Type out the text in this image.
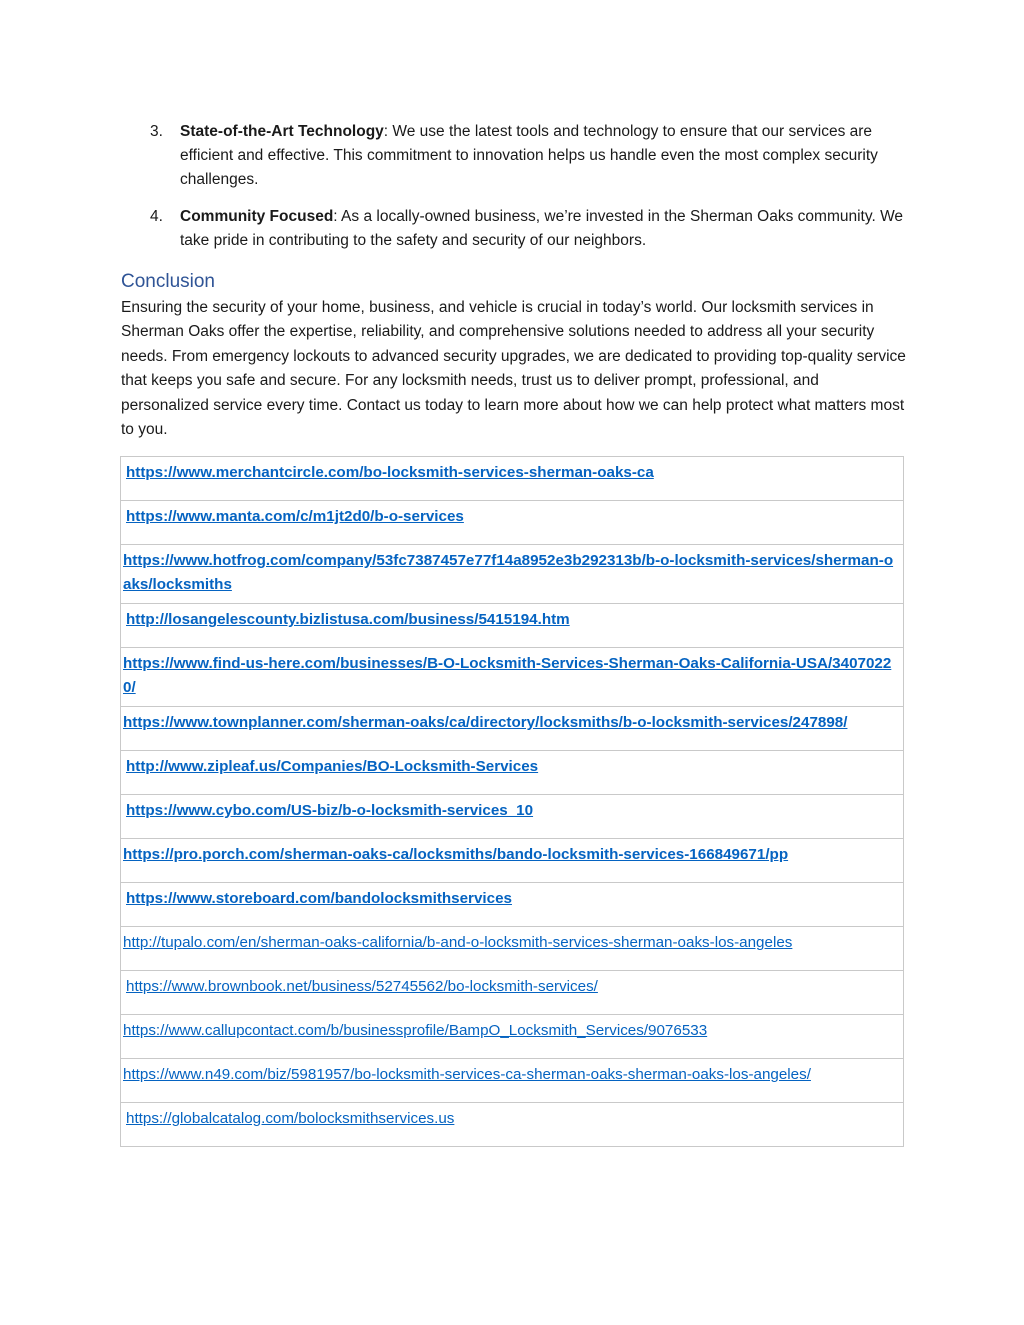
3. State-of-the-Art Technology: We use the latest tools and technology to ensure that our services are efficient and effective. This commitment to innovation helps us handle even the most complex security challenges.
4. Community Focused: As a locally-owned business, we’re invested in the Sherman Oaks community. We take pride in contributing to the safety and security of our neighbors.
Conclusion

Ensuring the security of your home, business, and vehicle is crucial in today’s world. Our locksmith services in Sherman Oaks offer the expertise, reliability, and comprehensive solutions needed to address all your security needs. From emergency lockouts to advanced security upgrades, we are dedicated to providing top-quality service that keeps you safe and secure. For any locksmith needs, trust us to deliver prompt, professional, and personalized service every time. Contact us today to learn more about how we can help protect what matters most to you.

https://www.merchantcircle.com/bo-locksmith-services-sherman-oaks-ca
https://www.manta.com/c/m1jt2d0/b-o-services
https://www.hotfrog.com/company/53fc7387457e77f14a8952e3b292313b/b-o-locksmith-services/sherman-oaks/locksmiths
http://losangelescounty.bizlistusa.com/business/5415194.htm
https://www.find-us-here.com/businesses/B-O-Locksmith-Services-Sherman-Oaks-California-USA/34070220/
https://www.townplanner.com/sherman-oaks/ca/directory/locksmiths/b-o-locksmith-services/247898/
http://www.zipleaf.us/Companies/BO-Locksmith-Services
https://www.cybo.com/US-biz/b-o-locksmith-services_10
https://pro.porch.com/sherman-oaks-ca/locksmiths/bando-locksmith-services-166849671/pp
https://www.storeboard.com/bandolocksmithservices
http://tupalo.com/en/sherman-oaks-california/b-and-o-locksmith-services-sherman-oaks-los-angeles
https://www.brownbook.net/business/52745562/bo-locksmith-services/
https://www.callupcontact.com/b/businessprofile/BampO_Locksmith_Services/9076533
https://www.n49.com/biz/5981957/bo-locksmith-services-ca-sherman-oaks-sherman-oaks-los-angeles/
https://globalcatalog.com/bolocksmithservices.us
